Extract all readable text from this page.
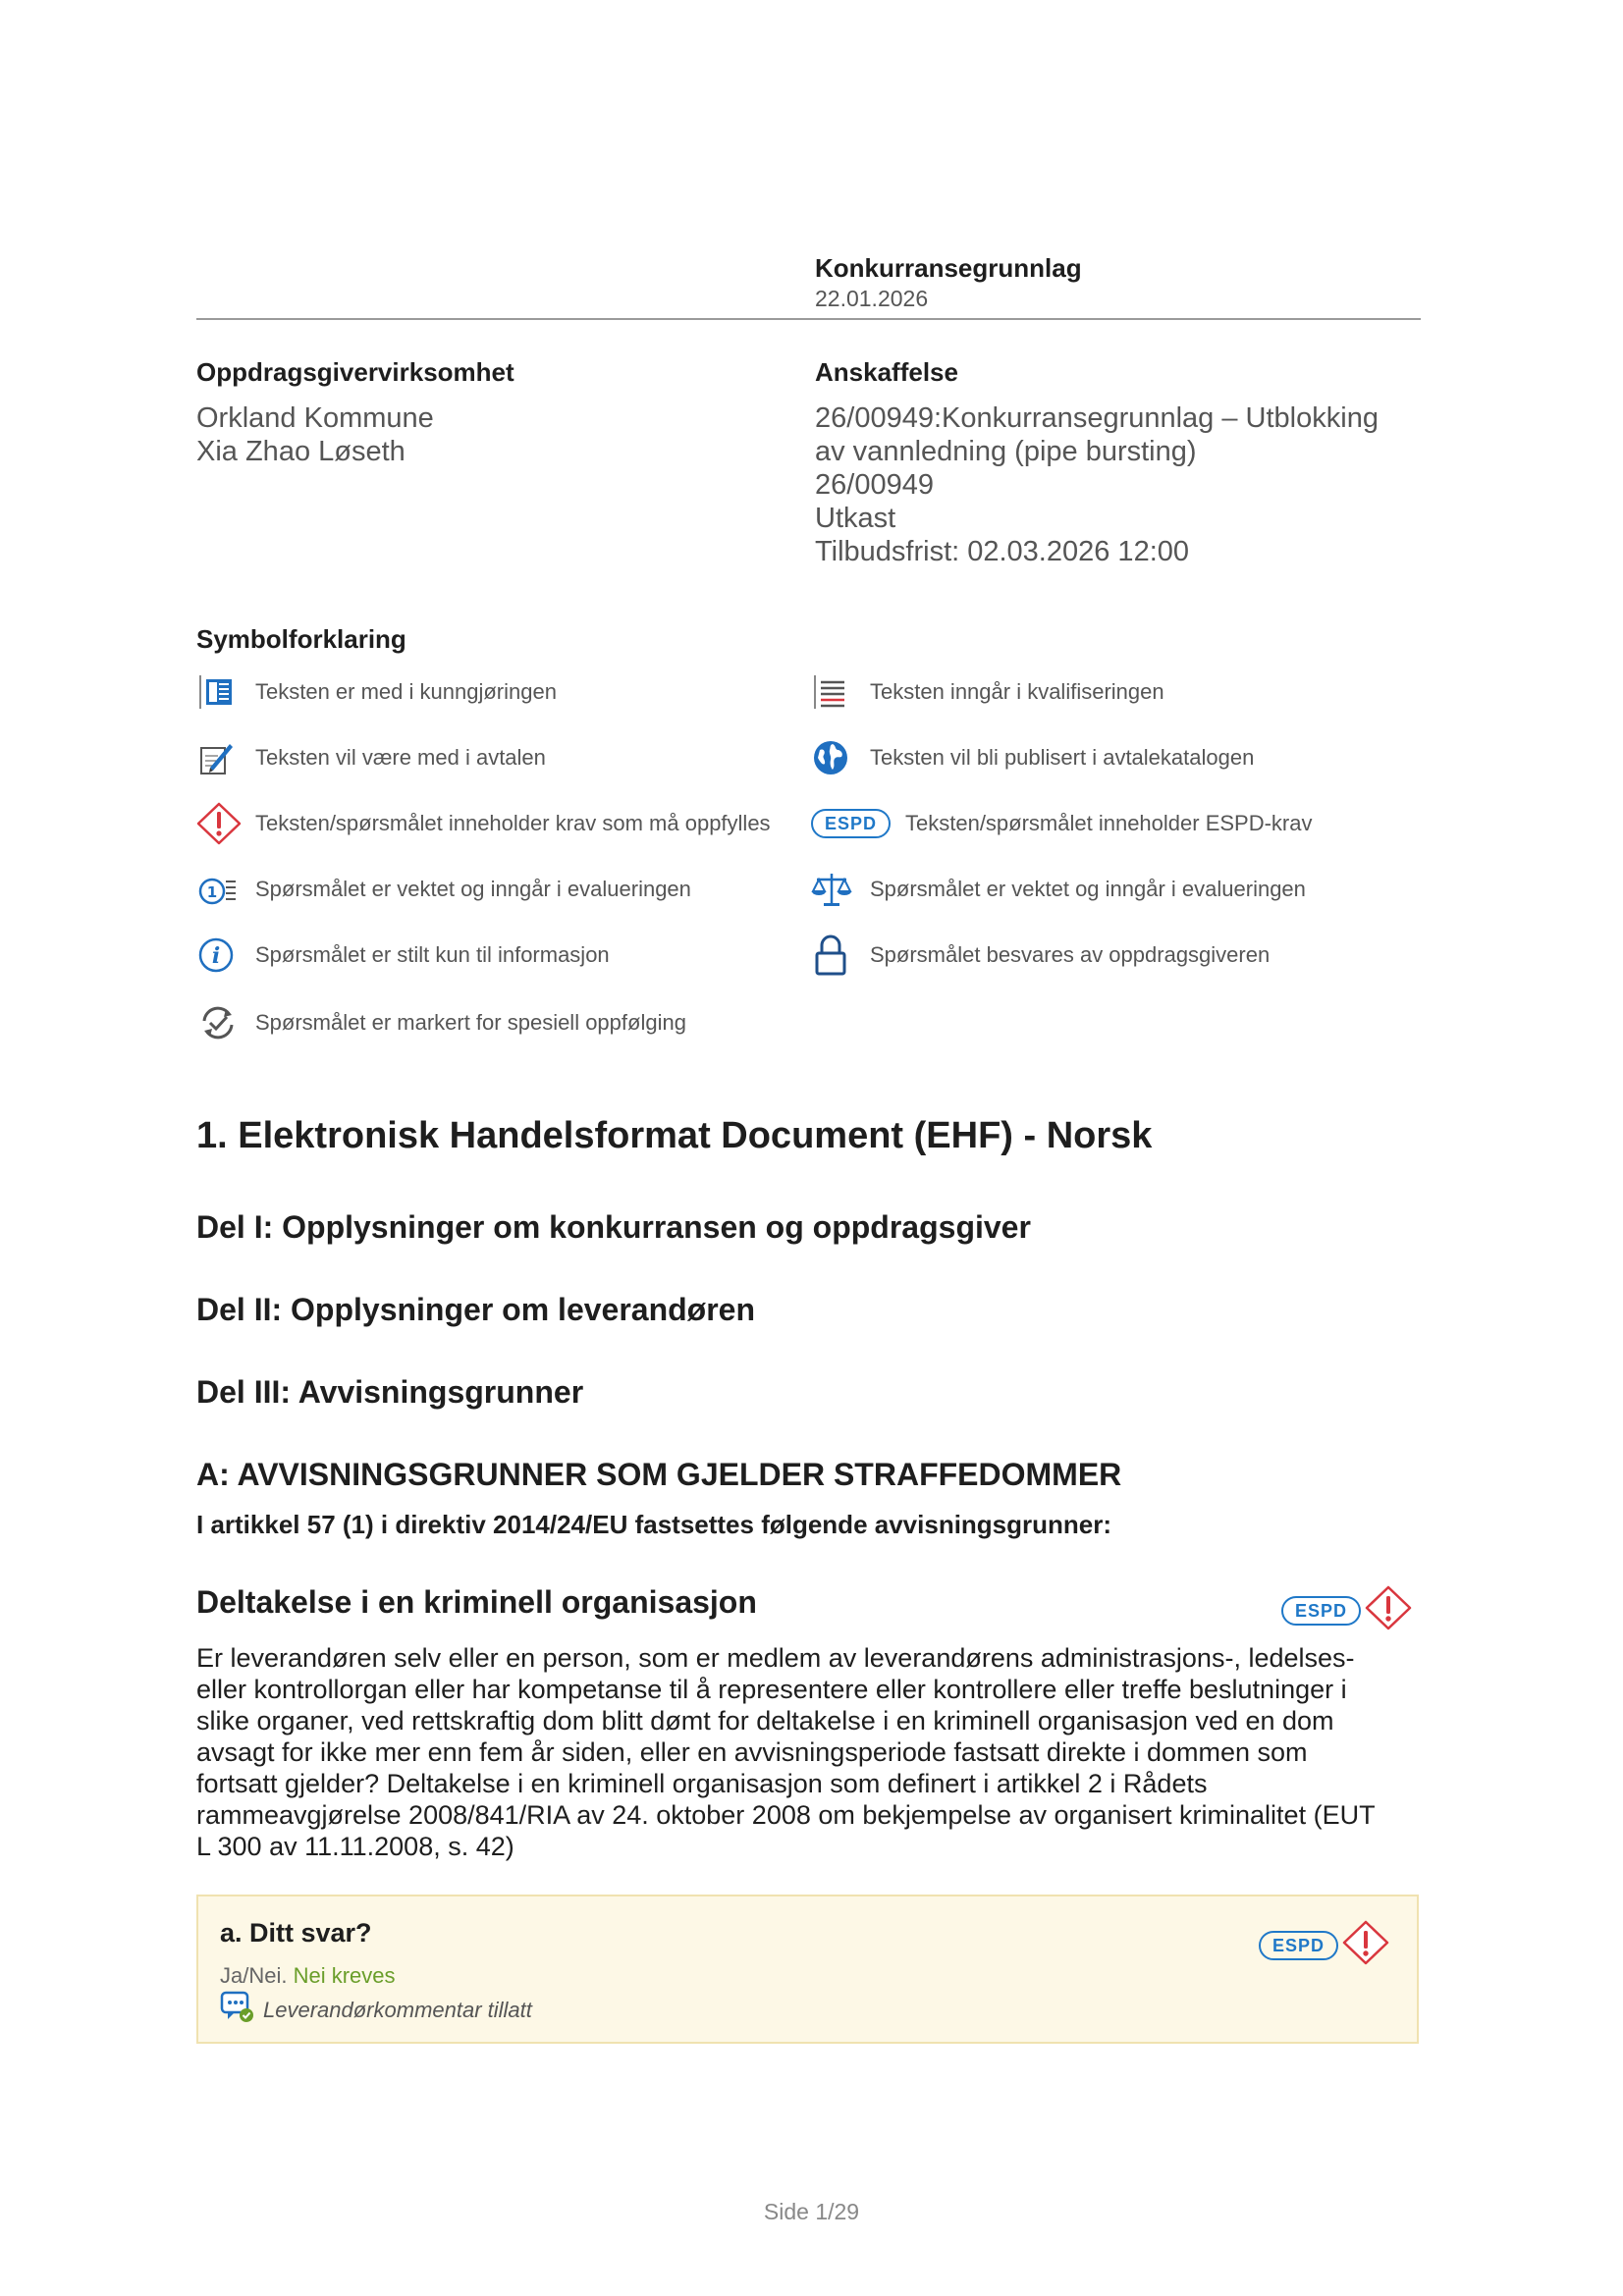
Konkurransegrunnlag
22.01.2026
Oppdragsgivervirksomhet
Orkland Kommune
Xia Zhao Løseth
Anskaffelse
26/00949:Konkurransegrunnlag – Utblokking
av vannledning (pipe bursting)
26/00949
Utkast
Tilbudsfrist: 02.03.2026 12:00
Symbolforklaring
Teksten er med i kunngjøringen
Teksten vil være med i avtalen
Teksten/spørsmålet inneholder krav som må oppfylles
1 Spørsmålet er vektet og inngår i evalueringen
i Spørsmålet er stilt kun til informasjon
Spørsmålet er markert for spesiell oppfølging
Teksten inngår i kvalifiseringen
Teksten vil bli publisert i avtalekatalogen
ESPD	Teksten/spørsmålet inneholder ESPD-krav
Spørsmålet er vektet og inngår i evalueringen
Spørsmålet besvares av oppdragsgiveren
1. Elektronisk Handelsformat Document (EHF) - Norsk
Del I: Opplysninger om konkurransen og oppdragsgiver
Del II: Opplysninger om leverandøren
Del III: Avvisningsgrunner
A: AVVISNINGSGRUNNER SOM GJELDER STRAFFEDOMMER
I artikkel 57 (1) i direktiv 2014/24/EU fastsettes følgende avvisningsgrunner:
Deltakelse i en kriminell organisasjon	ESPD
Er leverandøren selv eller en person, som er medlem av leverandørens administrasjons-, ledelses-
eller kontrollorgan eller har kompetanse til å representere eller kontrollere eller treffe beslutninger i
slike organer, ved rettskraftig dom blitt dømt for deltakelse i en kriminell organisasjon ved en dom
avsagt for ikke mer enn fem år siden, eller en avvisningsperiode fastsatt direkte i dommen som
fortsatt gjelder? Deltakelse i en kriminell organisasjon som definert i artikkel 2 i Rådets
rammeavgjørelse 2008/841/RIA av 24. oktober 2008 om bekjempelse av organisert kriminalitet (EUT
L 300 av 11.11.2008, s. 42)
a. Ditt svar?
Ja/Nei. Nei kreves
Leverandørkommentar tillatt
ESPD
Side 1/29
